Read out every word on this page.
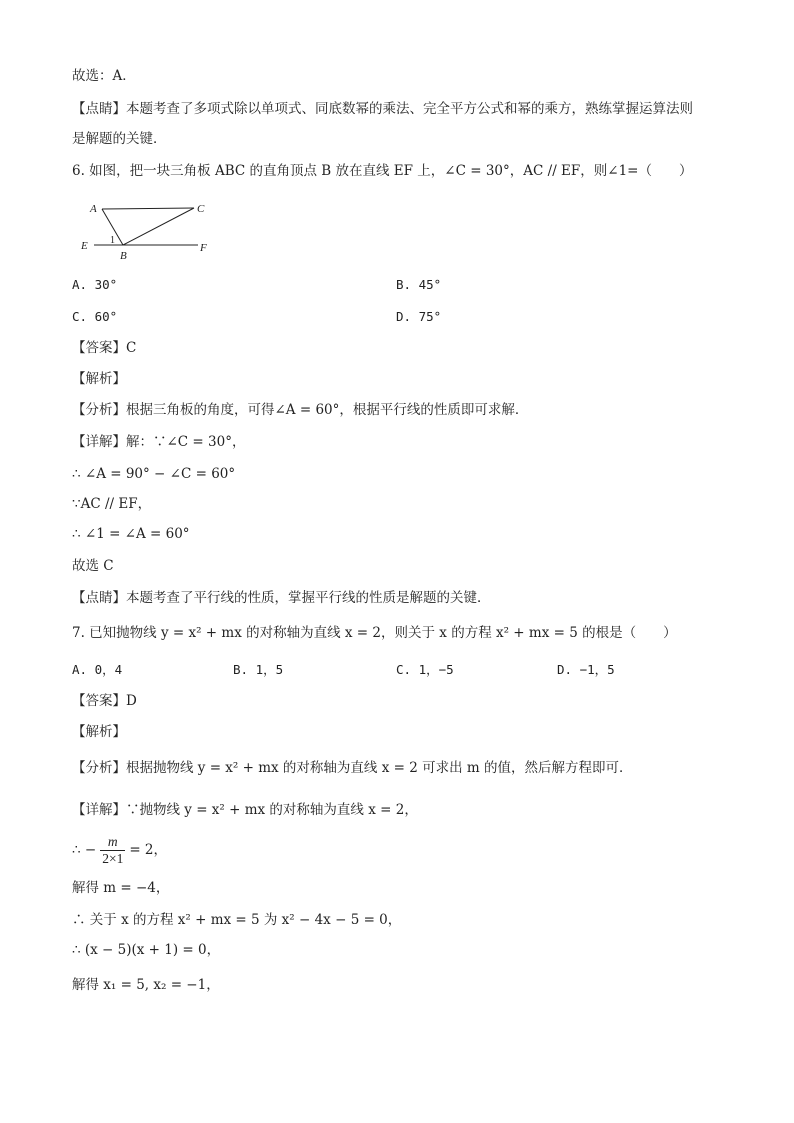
故选：A．
【点睛】本题考查了多项式除以单项式、同底数幂的乘法、完全平方公式和幂的乘方，熟练掌握运算法则
是解题的关键．
6. 如图，把一块三角板 ABC 的直角顶点 B 放在直线 EF 上，∠C = 30°，AC // EF，则∠1=（　　）
A	C
E	F
B
1
A. 30°	B. 45°
C. 60°	D. 75°
【答案】C
【解析】
【分析】根据三角板的角度，可得∠A = 60°，根据平行线的性质即可求解．
【详解】解：∵∠C = 30°，
∴ ∠A = 90° − ∠C = 60°
∵AC // EF，
∴ ∠1 = ∠A = 60°
故选 C
【点睛】本题考查了平行线的性质，掌握平行线的性质是解题的关键．
7. 已知抛物线 y = x² + mx 的对称轴为直线 x = 2，则关于 x 的方程 x² + mx = 5 的根是（　　）
A. 0，4	B. 1，5	C. 1，−5	D. −1，5
【答案】D
【解析】
【分析】根据抛物线 y = x² + mx 的对称轴为直线 x = 2 可求出 m 的值，然后解方程即可．
【详解】∵抛物线 y = x² + mx 的对称轴为直线 x = 2，
∴ − $\frac{m}{2\times 1} = 2$，
解得 m = −4，
∴ 关于 x 的方程 x² + mx = 5 为 x² − 4x − 5 = 0，
∴ (x − 5)(x + 1) = 0，
解得 x₁ = 5, x₂ = −1，
